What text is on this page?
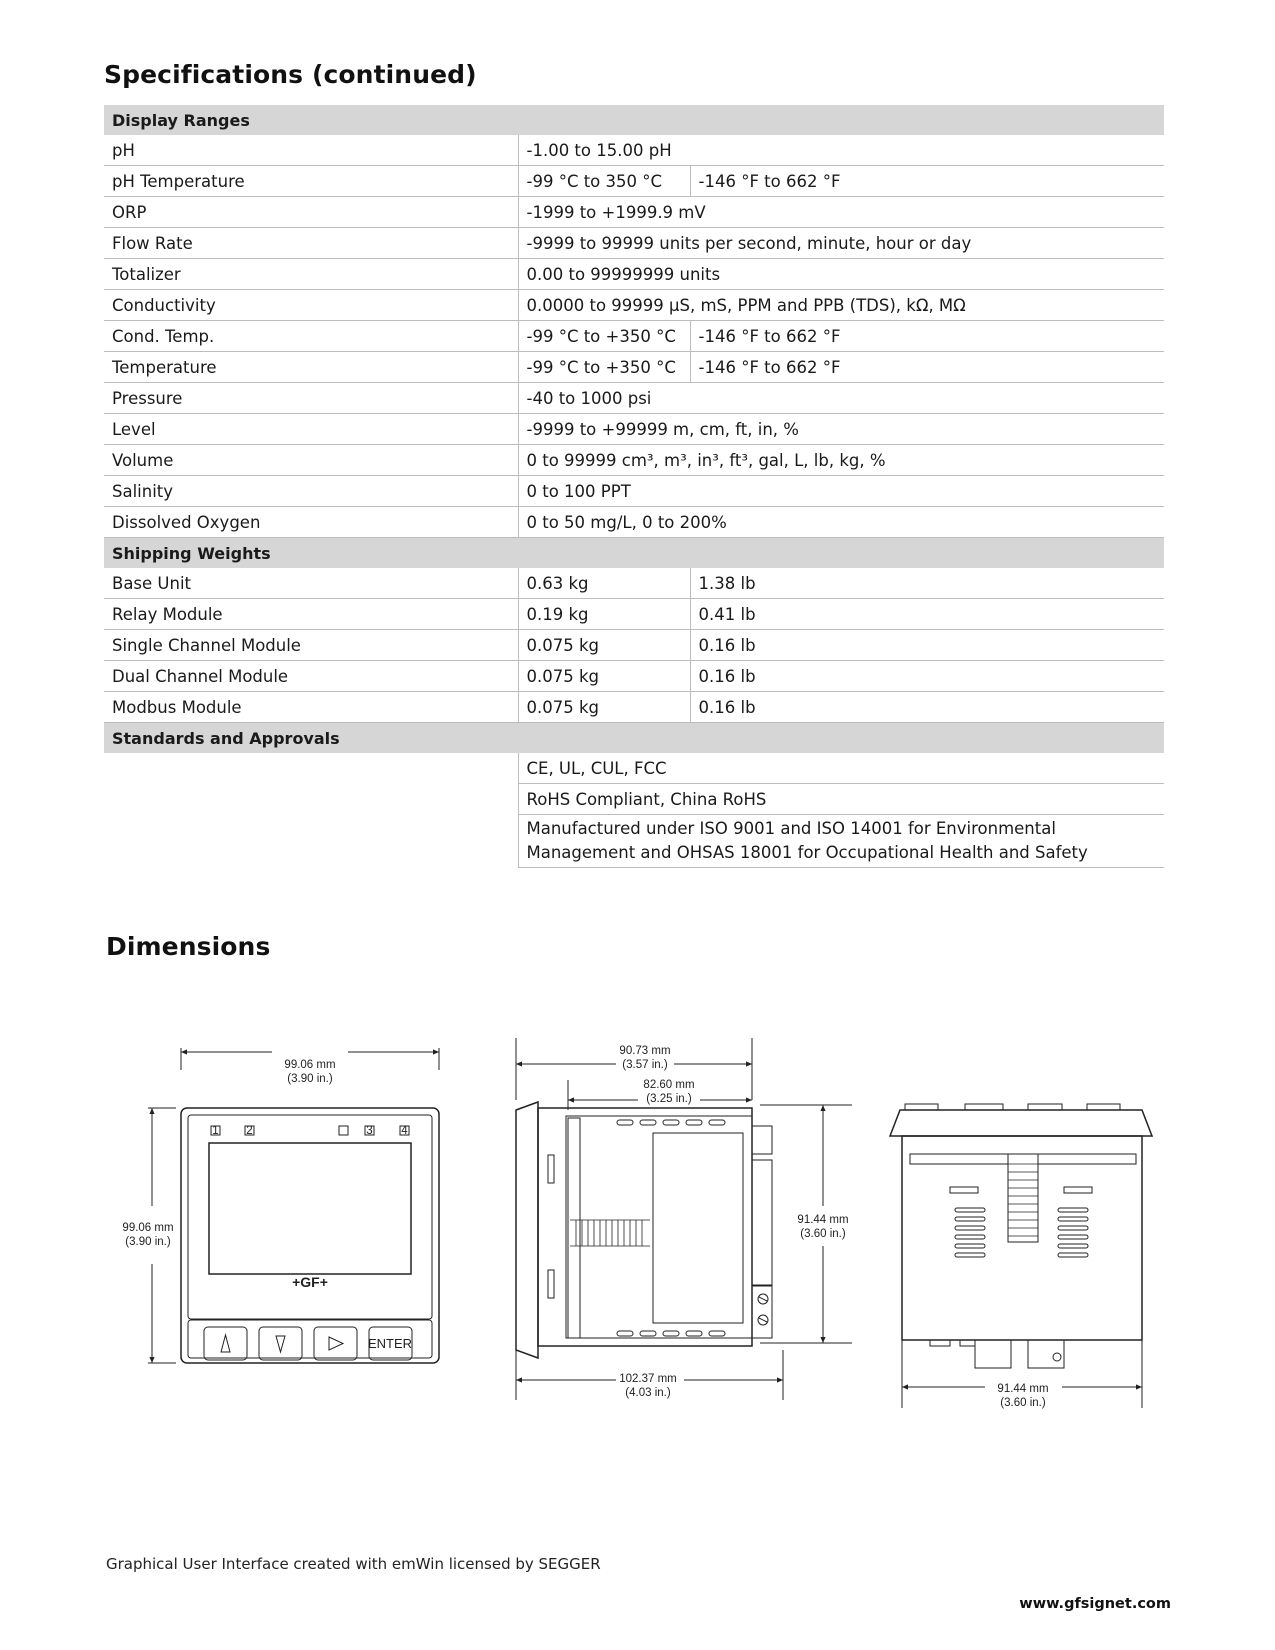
Specifications (continued)
Display Ranges		
pH	-1.00 to 15.00 pH	
pH Temperature	-99 °C to 350 °C	-146 °F to 662 °F
ORP	-1999 to +1999.9 mV	
Flow Rate	-9999 to 99999 units per second, minute, hour or day	
Totalizer	0.00 to 99999999 units	
Conductivity	0.0000 to 99999 µS, mS, PPM and PPB (TDS), kΩ, MΩ	
Cond. Temp.	-99 °C to +350 °C	-146 °F to 662 °F
Temperature	-99 °C to +350 °C	-146 °F to 662 °F
Pressure	-40 to 1000 psi	
Level	-9999 to +99999 m, cm, ft, in, %	
Volume	0 to 99999 cm³, m³, in³, ft³, gal, L, lb, kg, %	
Salinity	0 to 100 PPT	
Dissolved Oxygen	0 to 50 mg/L, 0 to 200%	
Shipping Weights		
Base Unit	0.63 kg	1.38 lb
Relay Module	0.19 kg	0.41 lb
Single Channel Module	0.075 kg	0.16 lb
Dual Channel Module	0.075 kg	0.16 lb
Modbus Module	0.075 kg	0.16 lb
Standards and Approvals		
	CE, UL, CUL, FCC	
	RoHS Compliant, China RoHS	
	Manufactured under ISO 9001 and ISO 14001 for Environmental Management and OHSAS 18001 for Occupational Health and Safety	
Dimensions
99.06 mm
(3.90 in.)
99.06 mm
(3.90 in.)
90.73 mm
(3.57 in.)
82.60 mm
(3.25 in.)
91.44 mm
(3.60 in.)
102.37 mm
(4.03 in.)	91.44 mm
(3.60 in.)
+GF+
ENTER
1 2	3 4
Graphical User Interface created with emWin licensed by SEGGER
www.gfsignet.com
